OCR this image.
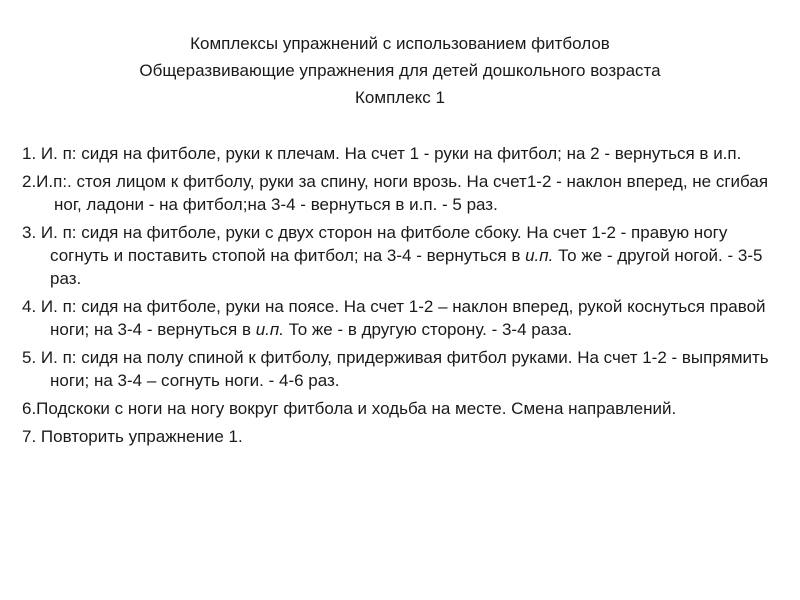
Комплексы упражнений с использованием фитболов
Общеразвивающие упражнения для детей дошкольного возраста
Комплекс 1

1. И. п: сидя на фитболе, руки к плечам. На счет 1 - руки на фитбол; на 2 - вернуться в и.п.

2.И.п:. стоя лицом к фитболу, руки за спину, ноги врозь. На счет1-2 - наклон вперед, не сгибая ног, ладони - на фитбол;на 3-4 - вернуться в и.п. - 5 раз.

3. И. п: сидя на фитболе, руки с двух сторон на фитболе сбоку. На счет 1-2 - правую ногу согнуть и поставить стопой на фитбол; на 3-4 - вернуться в и.п. То же - другой ногой. - 3-5 раз.

4. И. п: сидя на фитболе, руки на поясе. На счет 1-2 – наклон вперед, рукой коснуться правой ноги; на 3-4 - вернуться в и.п. То же - в другую сторону. - 3-4 раза.

5. И. п: сидя на полу спиной к фитболу, придерживая фитбол руками. На счет 1-2 - выпрямить ноги; на 3-4 – согнуть ноги. - 4-6 раз.

6.Подскоки с ноги на ногу вокруг фитбола и ходьба на месте. Смена направлений.

7. Повторить упражнение 1.
